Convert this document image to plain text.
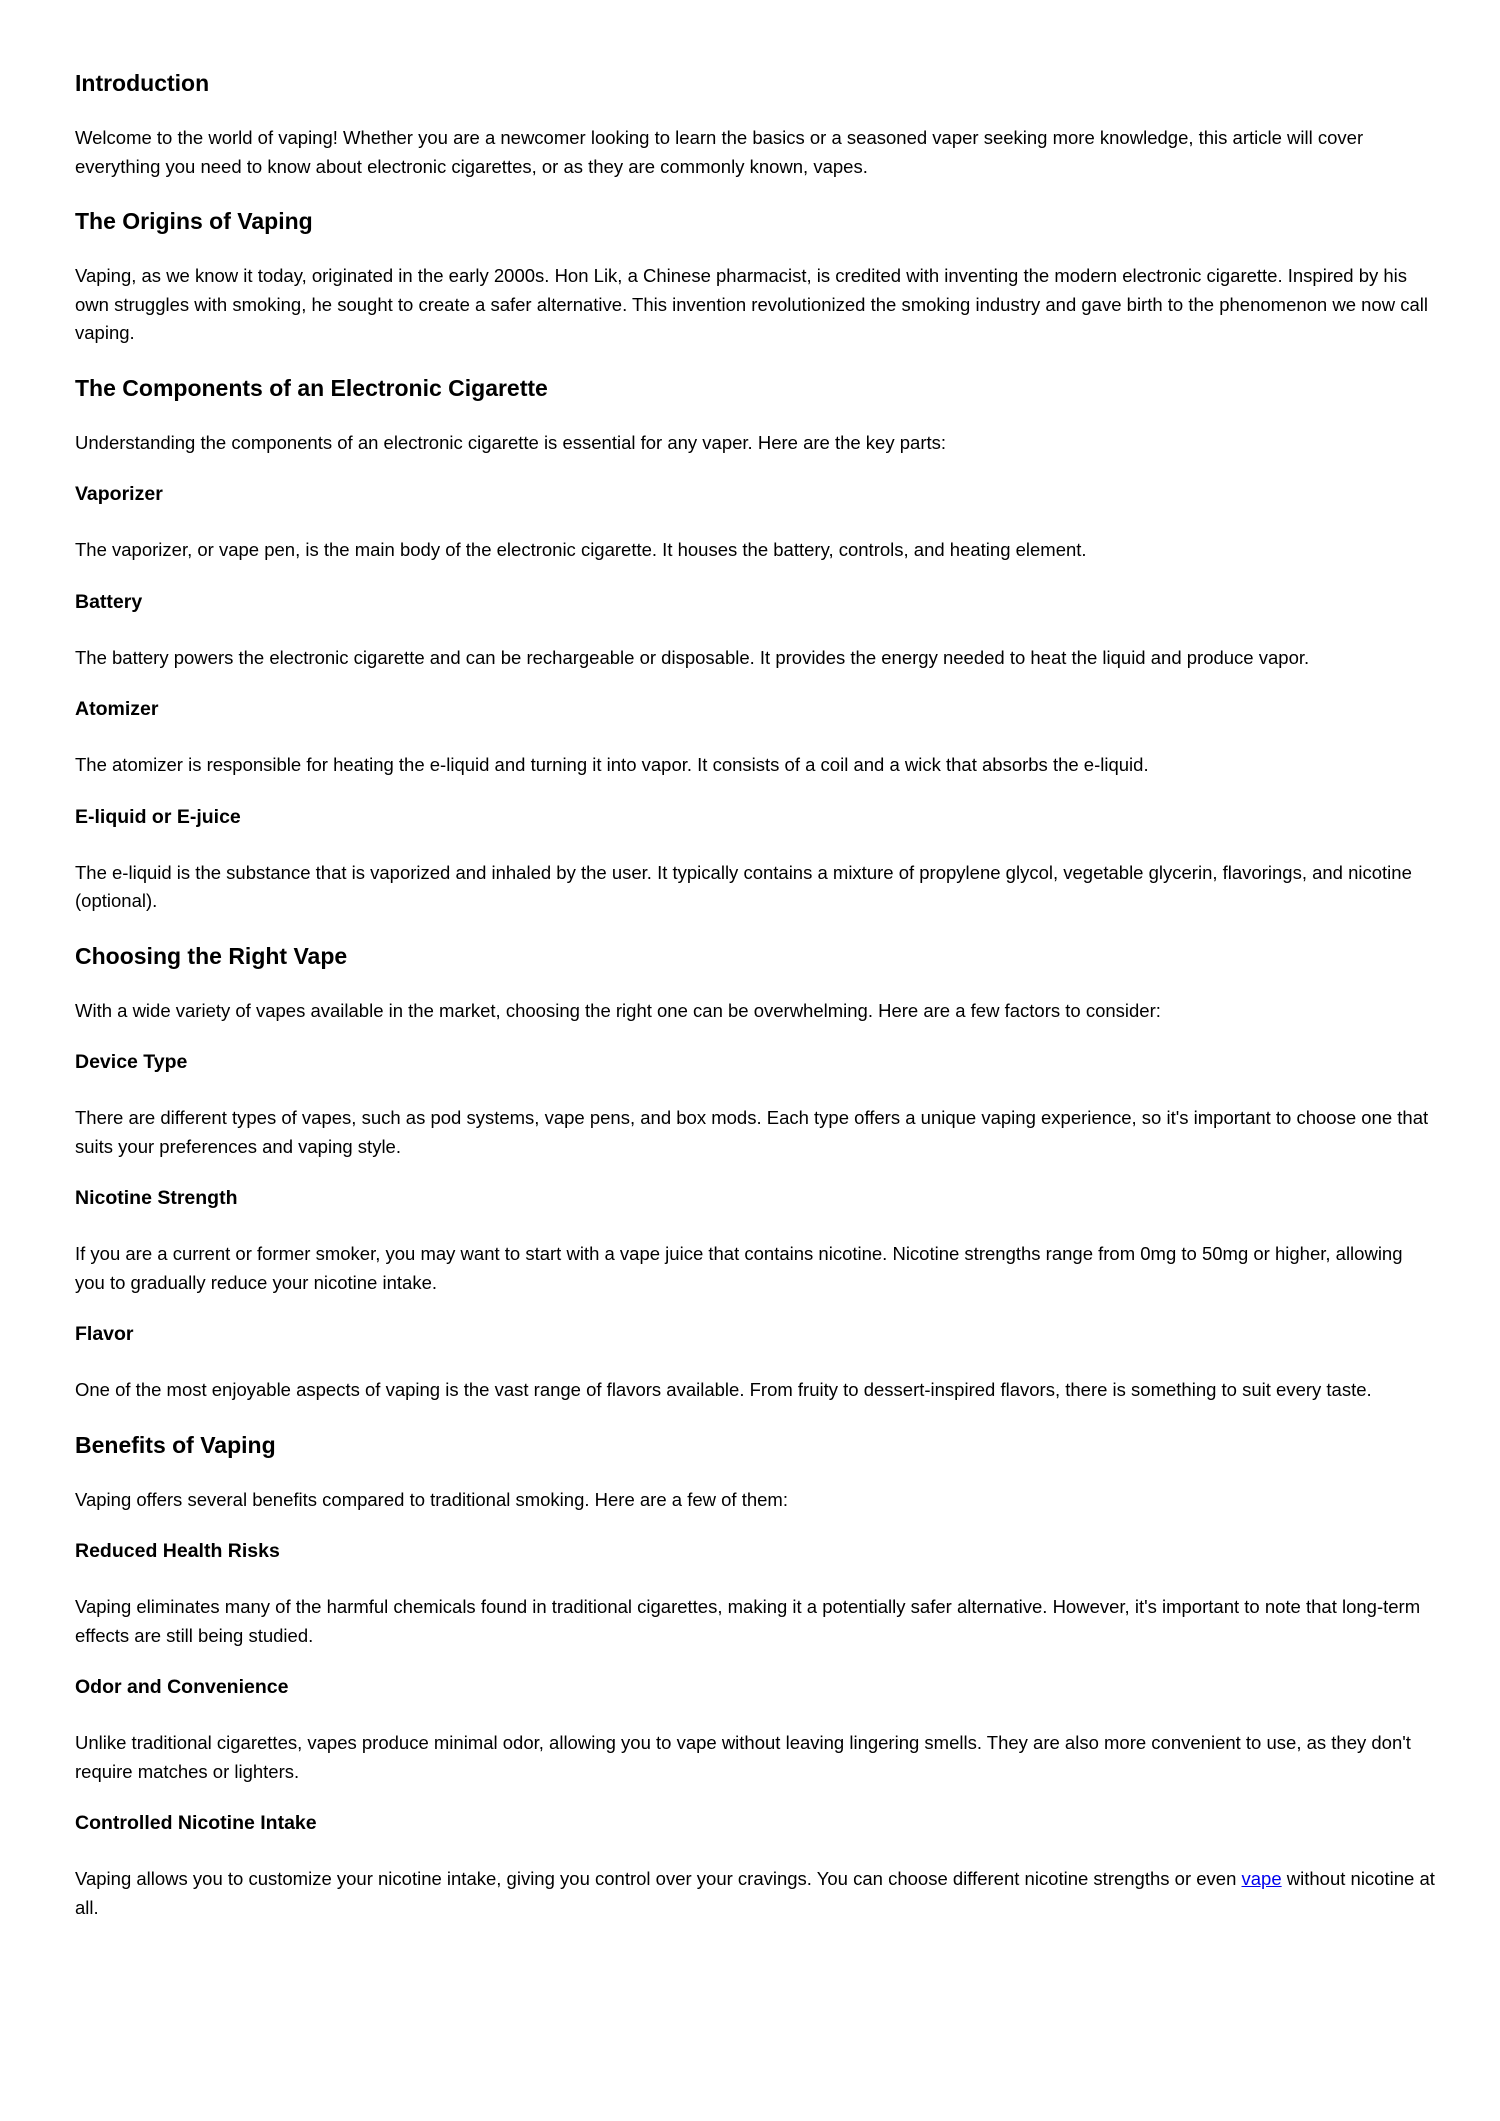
Introduction

Welcome to the world of vaping! Whether you are a newcomer looking to learn the basics or a seasoned vaper seeking more knowledge, this article will cover everything you need to know about electronic cigarettes, or as they are commonly known, vapes.

The Origins of Vaping

Vaping, as we know it today, originated in the early 2000s. Hon Lik, a Chinese pharmacist, is credited with inventing the modern electronic cigarette. Inspired by his own struggles with smoking, he sought to create a safer alternative. This invention revolutionized the smoking industry and gave birth to the phenomenon we now call vaping.

The Components of an Electronic Cigarette

Understanding the components of an electronic cigarette is essential for any vaper. Here are the key parts:

Vaporizer

The vaporizer, or vape pen, is the main body of the electronic cigarette. It houses the battery, controls, and heating element.

Battery

The battery powers the electronic cigarette and can be rechargeable or disposable. It provides the energy needed to heat the liquid and produce vapor.

Atomizer

The atomizer is responsible for heating the e-liquid and turning it into vapor. It consists of a coil and a wick that absorbs the e-liquid.

E-liquid or E-juice

The e-liquid is the substance that is vaporized and inhaled by the user. It typically contains a mixture of propylene glycol, vegetable glycerin, flavorings, and nicotine (optional).

Choosing the Right Vape

With a wide variety of vapes available in the market, choosing the right one can be overwhelming. Here are a few factors to consider:

Device Type

There are different types of vapes, such as pod systems, vape pens, and box mods. Each type offers a unique vaping experience, so it's important to choose one that suits your preferences and vaping style.

Nicotine Strength

If you are a current or former smoker, you may want to start with a vape juice that contains nicotine. Nicotine strengths range from 0mg to 50mg or higher, allowing you to gradually reduce your nicotine intake.

Flavor

One of the most enjoyable aspects of vaping is the vast range of flavors available. From fruity to dessert-inspired flavors, there is something to suit every taste.

Benefits of Vaping

Vaping offers several benefits compared to traditional smoking. Here are a few of them:

Reduced Health Risks

Vaping eliminates many of the harmful chemicals found in traditional cigarettes, making it a potentially safer alternative. However, it's important to note that long-term effects are still being studied.

Odor and Convenience

Unlike traditional cigarettes, vapes produce minimal odor, allowing you to vape without leaving lingering smells. They are also more convenient to use, as they don't require matches or lighters.

Controlled Nicotine Intake

Vaping allows you to customize your nicotine intake, giving you control over your cravings. You can choose different nicotine strengths or even vape without nicotine at all.
